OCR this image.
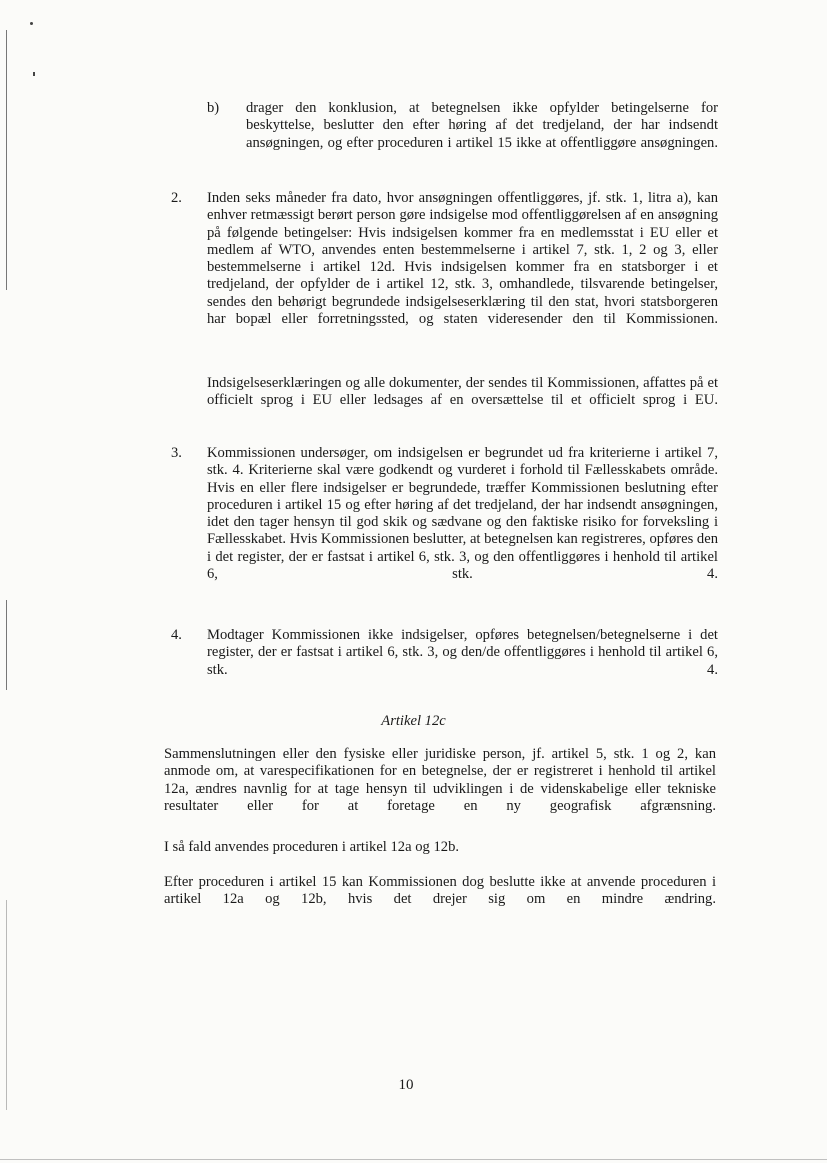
b) drager den konklusion, at betegnelsen ikke opfylder betingelserne for beskyttelse, beslutter den efter høring af det tredjeland, der har indsendt ansøgningen, og efter proceduren i artikel 15 ikke at offentliggøre ansøgningen.

2. Inden seks måneder fra dato, hvor ansøgningen offentliggøres, jf. stk. 1, litra a), kan enhver retmæssigt berørt person gøre indsigelse mod offentliggørelsen af en ansøgning på følgende betingelser: Hvis indsigelsen kommer fra en medlemsstat i EU eller et medlem af WTO, anvendes enten bestemmelserne i artikel 7, stk. 1, 2 og 3, eller bestemmelserne i artikel 12d. Hvis indsigelsen kommer fra en statsborger i et tredjeland, der opfylder de i artikel 12, stk. 3, omhandlede, tilsvarende betingelser, sendes den behørigt begrundede indsigelseserklæring til den stat, hvori statsborgeren har bopæl eller forretningssted, og staten videresender den til Kommissionen.

Indsigelseserklæringen og alle dokumenter, der sendes til Kommissionen, affattes på et officielt sprog i EU eller ledsages af en oversættelse til et officielt sprog i EU.

3. Kommissionen undersøger, om indsigelsen er begrundet ud fra kriterierne i artikel 7, stk. 4. Kriterierne skal være godkendt og vurderet i forhold til Fællesskabets område. Hvis en eller flere indsigelser er begrundede, træffer Kommissionen beslutning efter proceduren i artikel 15 og efter høring af det tredjeland, der har indsendt ansøgningen, idet den tager hensyn til god skik og sædvane og den faktiske risiko for forveksling i Fællesskabet. Hvis Kommissionen beslutter, at betegnelsen kan registreres, opføres den i det register, der er fastsat i artikel 6, stk. 3, og den offentliggøres i henhold til artikel 6, stk. 4.

4. Modtager Kommissionen ikke indsigelser, opføres betegnelsen/betegnelserne i det register, der er fastsat i artikel 6, stk. 3, og den/de offentliggøres i henhold til artikel 6, stk. 4.

Artikel 12c

Sammenslutningen eller den fysiske eller juridiske person, jf. artikel 5, stk. 1 og 2, kan anmode om, at varespecifikationen for en betegnelse, der er registreret i henhold til artikel 12a, ændres navnlig for at tage hensyn til udviklingen i de videnskabelige eller tekniske resultater eller for at foretage en ny geografisk afgrænsning.

I så fald anvendes proceduren i artikel 12a og 12b.

Efter proceduren i artikel 15 kan Kommissionen dog beslutte ikke at anvende proceduren i artikel 12a og 12b, hvis det drejer sig om en mindre ændring.

10
